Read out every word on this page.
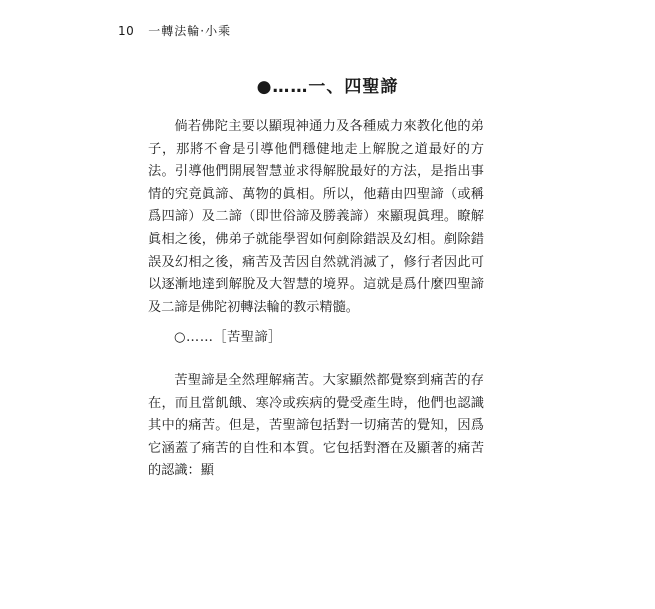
10 一轉法輪·小乘
●……一、四聖諦

倘若佛陀主要以顯現神通力及各種威力來教化他的弟子，那將不會是引導他們穩健地走上解脫之道最好的方法。引導他們開展智慧並求得解脫最好的方法，是指出事情的究竟眞諦、萬物的眞相。所以，他藉由四聖諦（或稱爲四諦）及二諦（即世俗諦及勝義諦）來顯現眞理。瞭解眞相之後，佛弟子就能學習如何剷除錯誤及幻相。剷除錯誤及幻相之後，痛苦及苦因自然就消滅了，修行者因此可以逐漸地達到解脫及大智慧的境界。這就是爲什麼四聖諦及二諦是佛陀初轉法輪的教示精髓。

○……［苦聖諦］

苦聖諦是全然理解痛苦。大家顯然都覺察到痛苦的存在，而且當飢餓、寒冷或疾病的覺受產生時，他們也認識其中的痛苦。但是，苦聖諦包括對一切痛苦的覺知，因爲它涵蓋了痛苦的自性和本質。它包括對潛在及顯著的痛苦的認識：顯
